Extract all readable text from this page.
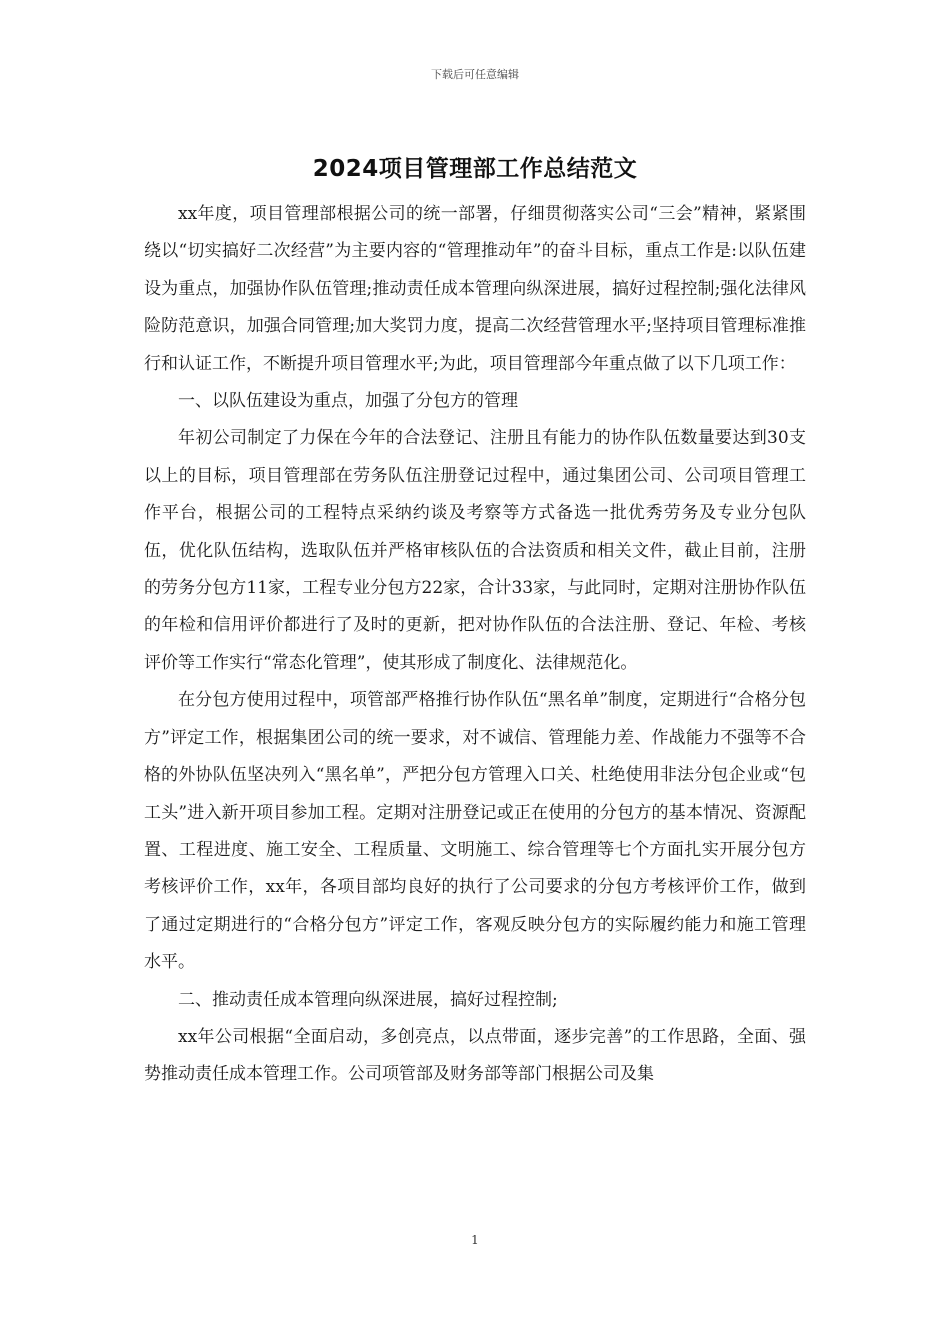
下载后可任意编辑
2024项目管理部工作总结范文

xx年度，项目管理部根据公司的统一部署，仔细贯彻落实公司“三会”精神，紧紧围绕以“切实搞好二次经营”为主要内容的“管理推动年”的奋斗目标，重点工作是:以队伍建设为重点，加强协作队伍管理;推动责任成本管理向纵深进展，搞好过程控制;强化法律风险防范意识，加强合同管理;加大奖罚力度，提高二次经营管理水平;坚持项目管理标准推行和认证工作，不断提升项目管理水平;为此，项目管理部今年重点做了以下几项工作：

一、以队伍建设为重点，加强了分包方的管理

年初公司制定了力保在今年的合法登记、注册且有能力的协作队伍数量要达到30支以上的目标，项目管理部在劳务队伍注册登记过程中，通过集团公司、公司项目管理工作平台，根据公司的工程特点采纳约谈及考察等方式备选一批优秀劳务及专业分包队伍，优化队伍结构，选取队伍并严格审核队伍的合法资质和相关文件，截止目前，注册的劳务分包方11家，工程专业分包方22家，合计33家，与此同时，定期对注册协作队伍的年检和信用评价都进行了及时的更新，把对协作队伍的合法注册、登记、年检、考核评价等工作实行“常态化管理”，使其形成了制度化、法律规范化。

在分包方使用过程中，项管部严格推行协作队伍“黑名单”制度，定期进行“合格分包方”评定工作，根据集团公司的统一要求，对不诚信、管理能力差、作战能力不强等不合格的外协队伍坚决列入“黑名单”，严把分包方管理入口关、杜绝使用非法分包企业或“包工头”进入新开项目参加工程。定期对注册登记或正在使用的分包方的基本情况、资源配置、工程进度、施工安全、工程质量、文明施工、综合管理等七个方面扎实开展分包方考核评价工作，xx年，各项目部均良好的执行了公司要求的分包方考核评价工作，做到了通过定期进行的“合格分包方”评定工作，客观反映分包方的实际履约能力和施工管理水平。

二、推动责任成本管理向纵深进展，搞好过程控制;

xx年公司根据“全面启动，多创亮点，以点带面，逐步完善”的工作思路，全面、强势推动责任成本管理工作。公司项管部及财务部等部门根据公司及集

1
